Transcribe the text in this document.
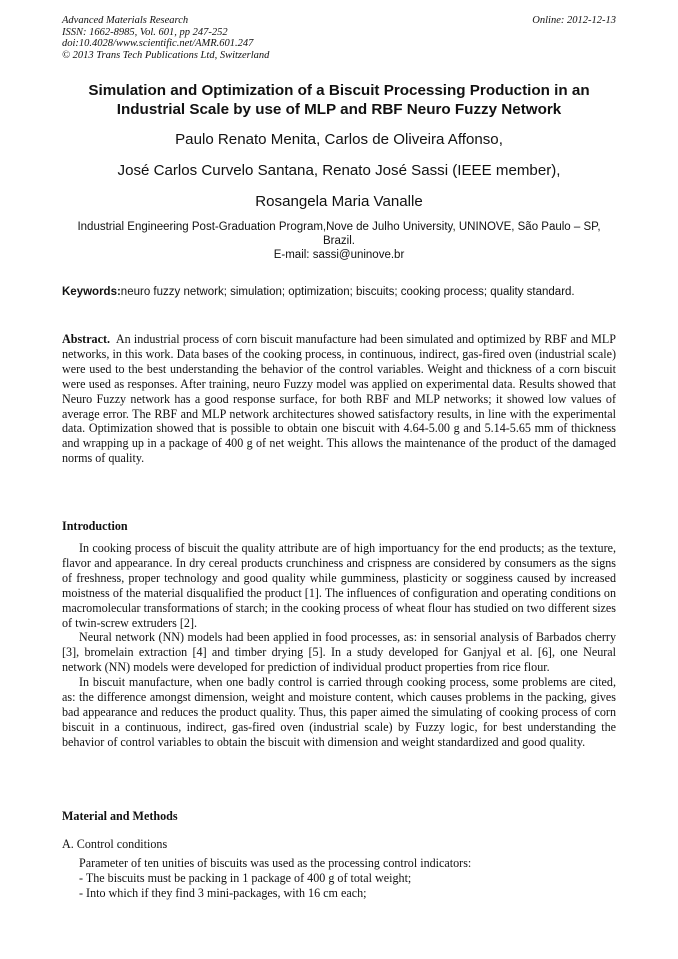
Advanced Materials Research
ISSN: 1662-8985, Vol. 601, pp 247-252
doi:10.4028/www.scientific.net/AMR.601.247
© 2013 Trans Tech Publications Ltd, Switzerland
Online: 2012-12-13
Simulation and Optimization of a Biscuit Processing Production in an Industrial Scale by use of MLP and RBF Neuro Fuzzy Network
Paulo Renato Menita, Carlos de Oliveira Affonso,
José Carlos Curvelo Santana, Renato José Sassi (IEEE member),
Rosangela Maria Vanalle
Industrial Engineering Post-Graduation Program,Nove de Julho University, UNINOVE, São Paulo – SP, Brazil.
E-mail: sassi@uninove.br
Keywords:neuro fuzzy network; simulation; optimization; biscuits; cooking process; quality standard.
Abstract. An industrial process of corn biscuit manufacture had been simulated and optimized by RBF and MLP networks, in this work. Data bases of the cooking process, in continuous, indirect, gas-fired oven (industrial scale) were used to the best understanding the behavior of the control variables. Weight and thickness of a corn biscuit were used as responses. After training, neuro Fuzzy model was applied on experimental data. Results showed that Neuro Fuzzy network has a good response surface, for both RBF and MLP networks; it showed low values of average error. The RBF and MLP network architectures showed satisfactory results, in line with the experimental data. Optimization showed that is possible to obtain one biscuit with 4.64-5.00 g and 5.14-5.65 mm of thickness and wrapping up in a package of 400 g of net weight. This allows the maintenance of the product of the damaged norms of quality.
Introduction

In cooking process of biscuit the quality attribute are of high importuancy for the end products; as the texture, flavor and appearance. In dry cereal products crunchiness and crispness are considered by consumers as the signs of freshness, proper technology and good quality while gumminess, plasticity or sogginess caused by increased moistness of the material disqualified the product [1]. The influences of configuration and operating conditions on macromolecular transformations of starch; in the cooking process of wheat flour has studied on two different sizes of twin-screw extruders [2].

Neural network (NN) models had been applied in food processes, as: in sensorial analysis of Barbados cherry [3], bromelain extraction [4] and timber drying [5]. In a study developed for Ganjyal et al. [6], one Neural network (NN) models were developed for prediction of individual product properties from rice flour.

In biscuit manufacture, when one badly control is carried through cooking process, some problems are cited, as: the difference amongst dimension, weight and moisture content, which causes problems in the packing, gives bad appearance and reduces the product quality. Thus, this paper aimed the simulating of cooking process of corn biscuit in a continuous, indirect, gas-fired oven (industrial scale) by Fuzzy logic, for best understanding the behavior of control variables to obtain the biscuit with dimension and weight standardized and good quality.

Material and Methods
A. Control conditions
Parameter of ten unities of biscuits was used as the processing control indicators:
- The biscuits must be packing in 1 package of 400 g of total weight;
- Into which if they find 3 mini-packages, with 16 cm each;
